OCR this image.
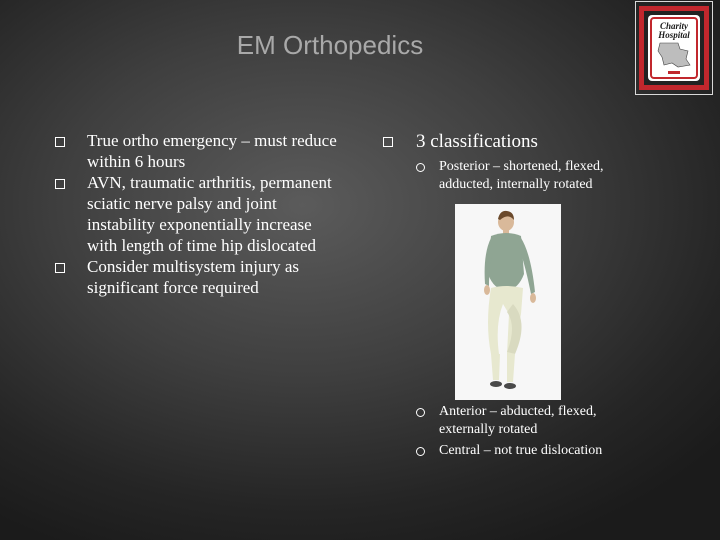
EM Orthopedics
Charity
Hospital
True ortho emergency – must reduce within 6 hours
AVN, traumatic arthritis, permanent sciatic nerve palsy and joint instability exponentially increase with length of time hip dislocated
Consider multisystem injury as significant force required
3 classifications
Posterior – shortened, flexed, adducted, internally rotated
Anterior – abducted, flexed, externally rotated
Central – not true dislocation
